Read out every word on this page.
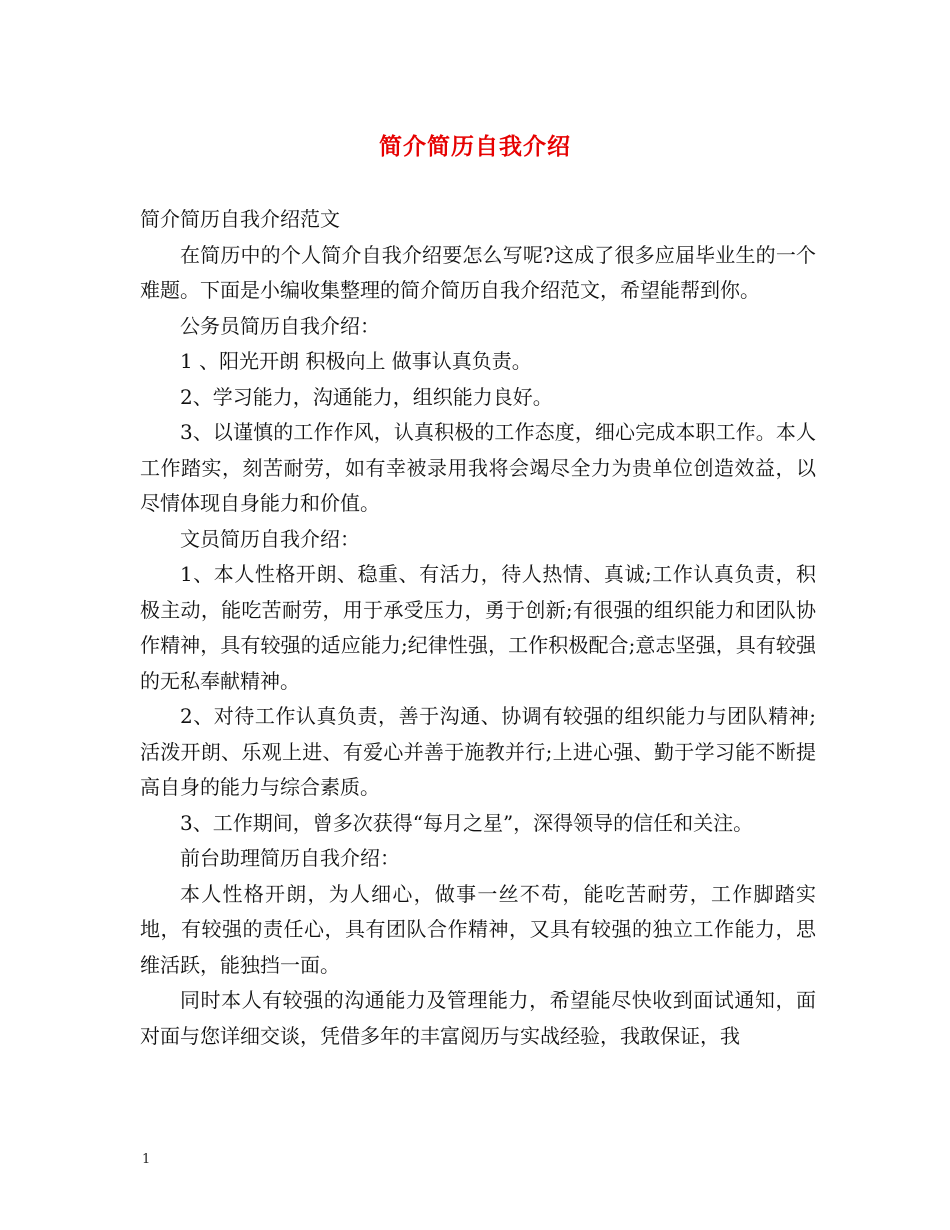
简介简历自我介绍

简介简历自我介绍范文

在简历中的个人简介自我介绍要怎么写呢?这成了很多应届毕业生的一个难题。下面是小编收集整理的简介简历自我介绍范文，希望能帮到你。

公务员简历自我介绍：

1 、阳光开朗 积极向上 做事认真负责。

2、学习能力，沟通能力，组织能力良好。

3、以谨慎的工作作风，认真积极的工作态度，细心完成本职工作。本人工作踏实，刻苦耐劳，如有幸被录用我将会竭尽全力为贵单位创造效益，以尽情体现自身能力和价值。

文员简历自我介绍：

1、本人性格开朗、稳重、有活力，待人热情、真诚;工作认真负责，积极主动，能吃苦耐劳，用于承受压力，勇于创新;有很强的组织能力和团队协作精神，具有较强的适应能力;纪律性强，工作积极配合;意志坚强，具有较强的无私奉献精神。

2、对待工作认真负责，善于沟通、协调有较强的组织能力与团队精神;活泼开朗、乐观上进、有爱心并善于施教并行;上进心强、勤于学习能不断提高自身的能力与综合素质。

3、工作期间，曾多次获得“每月之星”，深得领导的信任和关注。

前台助理简历自我介绍：

本人性格开朗，为人细心，做事一丝不苟，能吃苦耐劳，工作脚踏实地，有较强的责任心，具有团队合作精神，又具有较强的独立工作能力，思维活跃，能独挡一面。

同时本人有较强的沟通能力及管理能力，希望能尽快收到面试通知，面对面与您详细交谈，凭借多年的丰富阅历与实战经验，我敢保证，我

1
